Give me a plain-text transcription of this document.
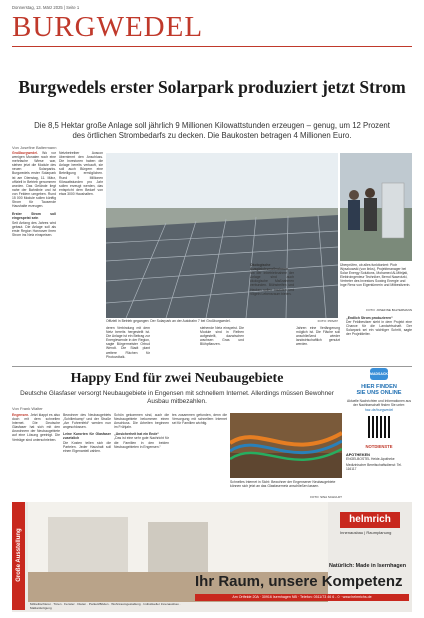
Donnerstag, 13. März 2025 | Seite 1
BURGWEDEL
Burgwedels erster Solarpark produziert jetzt Strom
Die 8,5 Hektar große Anlage soll jährlich 9 Millionen Kilowattstunden erzeugen – genug, um 12 Prozent des örtlichen Strombedarfs zu decken. Die Baukosten betragen 4 Millionen Euro.
Von Josefine Baltermann
Großburgwedel. Wo vor wenigen Monaten noch eine mehrfache Wiese war, stehen jetzt die Module des neuen Solarparks. Burgwedels erster Solarpark ist am Dienstag, 11. März, offiziell in Betrieb genommen worden. Das Gelände liegt nahe der Bahnlinie und ist von Feldern umgeben. Rund 15 000 Module sollen künftig Strom für Tausende Haushalte erzeugen.
Erster Strom soll eingespeist sein
Seit Anfang des Jahres wird gebaut. Die Anlage soll als erste Region Hannover ihren Strom ins Netz einspeisen.
Netzbetreiber Avacon übernimmt den Anschluss. Die Investoren haben die Anlage bereits verkauft, sie soll auch Bürgern eine Beteiligung ermöglichen. Rund 9 Millionen Kilowattstunden pro Jahr sollen erzeugt werden, das entspricht dem Bedarf von etwa 3000 Haushalten.
Offiziell in Betrieb gegangen: Der Solarpark an der Autobahn 7 bei Großburgwedel.	FOTO: PRIVAT
Überprüfen, ob alles funktioniert: Piotr Wyszkowski (von links), Projektmanager bei Solar Energy Solutions, Mohamed Al-Mitrijati, Elektroingenieur Techniker, Bernd Nawrotzki, Vertreter des Investors Sowing Energie und Inge Renz von Eigentümerin und Mitbesitzerin.
FOTO: JOSEFINE BALTERMANN
deren Verbindung mit dem Netz bereits hergestellt ist. Die Anlage ist ein Beitrag zur Energiewende in der Region, sagte Bürgermeister Ortrud Wendt. Die Stadt plant weitere Flächen für Photovoltaik.
stehende Netz einspeist. Die Module sind in Reihen aufgestellt, dazwischen wachsen Gras und Blühpflanzen.
Ökologische Ausgleichsmaßnahmen
Mit der Inbetriebnahme der Anlage sind auch ökologische Maßnahmen verbunden. Blühstreifen und Hecken sollen Insekten und Vögeln Lebensraum bieten.
Jahren eine Verlängerung möglich ist. Die Fläche soll anschließend wieder landwirtschaftlich genutzt werden.
„Endlich Strom produzieren“
Der Feldbesitzer sieht in dem Projekt eine Chance für die Landwirtschaft. Der Solarpark sei ein wichtiger Schritt, sagte der Projektleiter.
Happy End für zwei Neubaugebiete
Deutsche Glasfaser versorgt Neubaugebiete in Engensen mit schnellem Internet. Allerdings müssen Bewohner Ausbau mitbezahlen.
Von Frank Walter
Engensen. Jetzt klappt es also doch mit dem schnellen Internet. Die Deutsche Glasfaser hat sich mit den Anwohnern der Neubaugebiete auf eine Lösung geeinigt. Die Verträge sind unterschrieben.
Bewohner des Neubaugebiets „Schillerkamp“ und der Straße „Am Fuhrenfeld“ werden nun angeschlossen.
Leine Kurorten für Glasfaser zusetzlich
Die Kosten teilen sich die Parteien. Jeder Haushalt soll einen Eigenanteil zahlen.
Schön gekommen sind, auch die Neubaugebiete bekommen einen Anschluss. Die Arbeiten beginnen im Frühjahr.
„Unsicherheit hat ein Ende“
„Das ist eine sehr gute Nachricht für die Familien in den beiden Neubaugebieten in Engensen.“
tes zusammen gefunden, denn die Versorgung mit schnellem Internet sei für Familien wichtig.
Schnelles Internet in Sicht: Bewohner der Engensener Neubaugebiete können sich jetzt an das Glasfasernetz anschließen lassen.
FOTO: SINA SCHULDT
MADSACK
HIER FINDEN
SIE UNS ONLINE
Aktuelle Nachrichten und Informationen aus der Nachbarschaft finden Sie unter:
haz.de/burgwedel
NOTDIENSTE
APOTHEKEN
ENGELBOSTEL Heide-Apotheke
Medizinischer Bereitschaftsdienst: Tel. 116117
Große Ausstellung
helmrich
Innenausbau | Raumplanung
Natürlich: Made in Isernhagen
Ihr Raum, unsere Kompetenz
Am Ortfelde 20A · 30916 Isernhagen NB · Telefon: 0511/73 46 6 - 0 · www.helmrichs.de
Möbeltischlerei · Türen · Fenster · Dielen · Parkett/Böden · Wohnraumgestaltung · Individueller Innenausbau · Maßanfertigung
